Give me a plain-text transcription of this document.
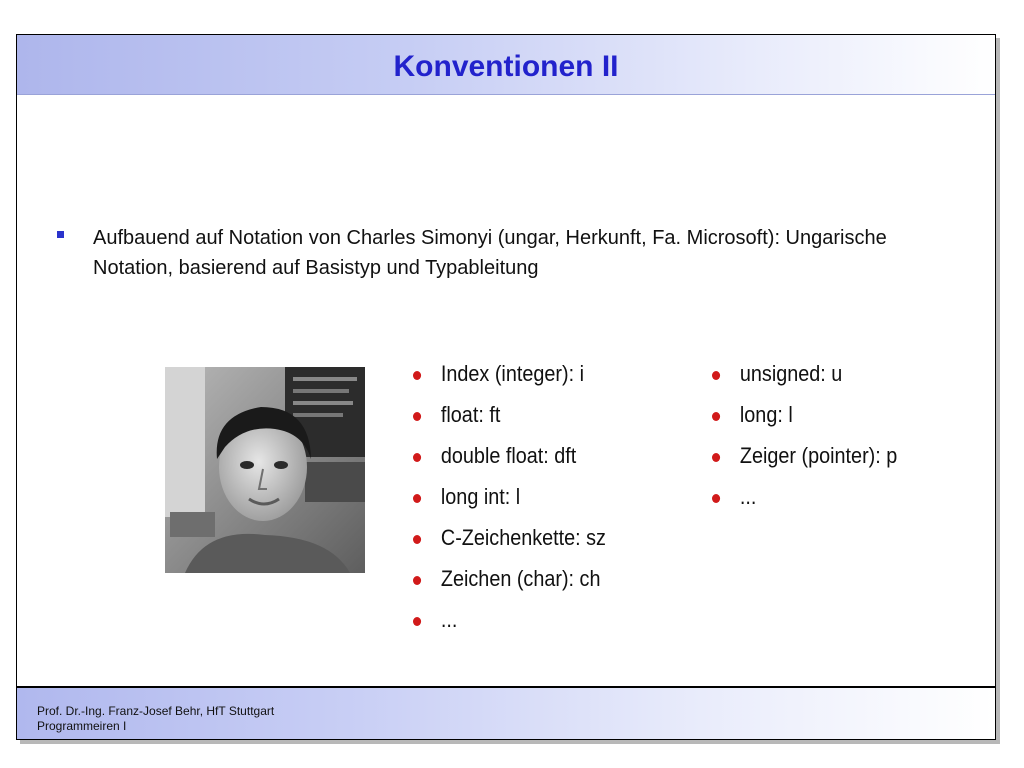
Konventionen II
Aufbauend auf Notation von Charles Simonyi (ungar, Herkunft, Fa. Microsoft): Ungarische Notation, basierend auf Basistyp und Typableitung
Index (integer): i
float: ft
double float: dft
long int: l
C-Zeichenkette: sz
Zeichen (char): ch
...
unsigned: u
long: l
Zeiger (pointer): p
...
Prof. Dr.-Ing. Franz-Josef Behr, HfT Stuttgart
Programmeiren I
